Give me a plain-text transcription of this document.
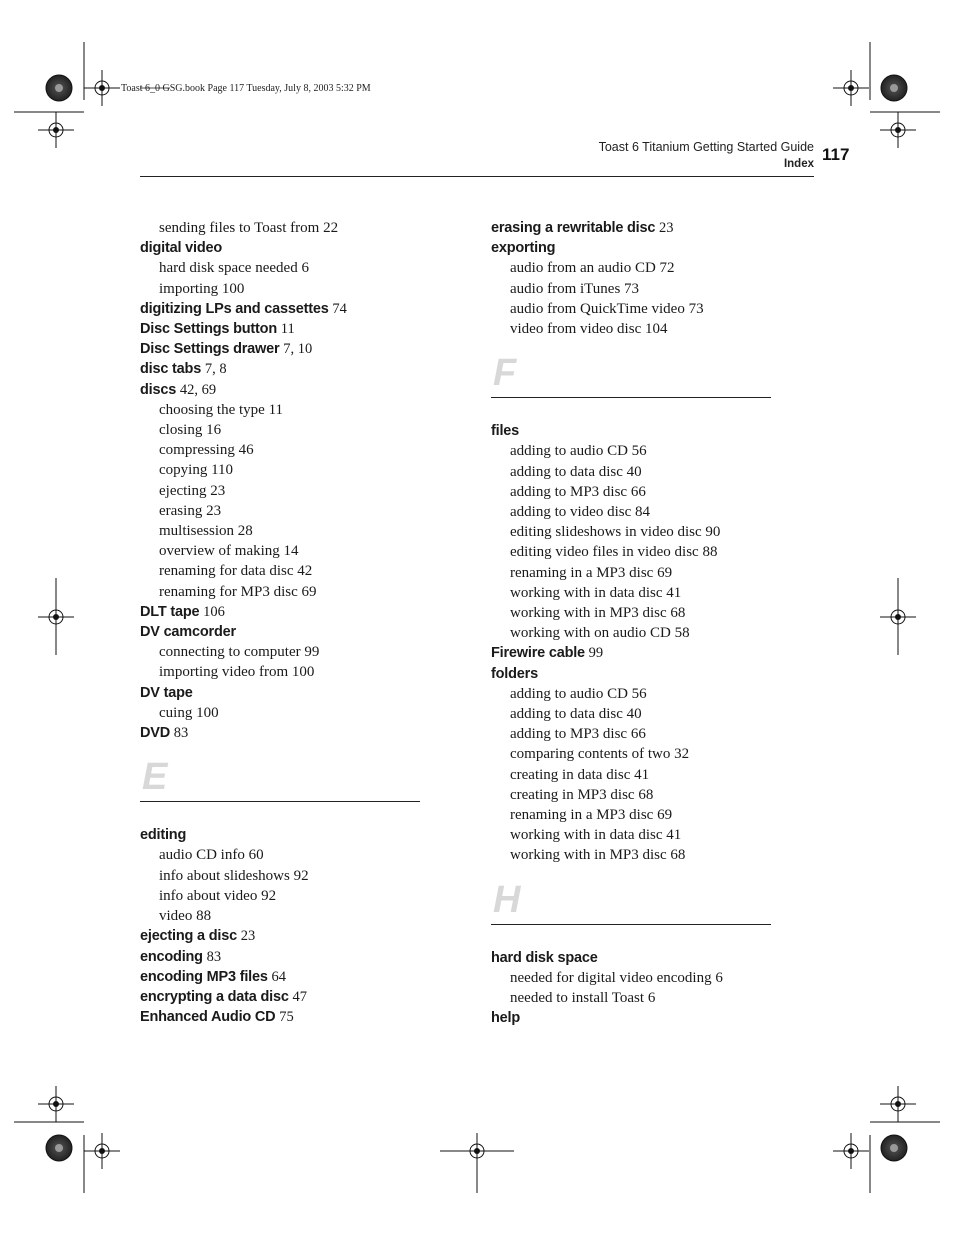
Toast 6_0 GSG.book Page 117 Tuesday, July 8, 2003 5:32 PM
Toast 6 Titanium Getting Started Guide
Index 117
sending files to Toast from 22
digital video
hard disk space needed 6
importing 100
digitizing LPs and cassettes 74
Disc Settings button 11
Disc Settings drawer 7, 10
disc tabs 7, 8
discs 42, 69
choosing the type 11
closing 16
compressing 46
copying 110
ejecting 23
erasing 23
multisession 28
overview of making 14
renaming for data disc 42
renaming for MP3 disc 69
DLT tape 106
DV camcorder
connecting to computer 99
importing video from 100
DV tape
cuing 100
DVD 83
E
editing
audio CD info 60
info about slideshows 92
info about video 92
video 88
ejecting a disc 23
encoding 83
encoding MP3 files 64
encrypting a data disc 47
Enhanced Audio CD 75
erasing a rewritable disc 23
exporting
audio from an audio CD 72
audio from iTunes 73
audio from QuickTime video 73
video from video disc 104
F
files
adding to audio CD 56
adding to data disc 40
adding to MP3 disc 66
adding to video disc 84
editing slideshows in video disc 90
editing video files in video disc 88
renaming in a MP3 disc 69
working with in data disc 41
working with in MP3 disc 68
working with on audio CD 58
Firewire cable 99
folders
adding to audio CD 56
adding to data disc 40
adding to MP3 disc 66
comparing contents of two 32
creating in data disc 41
creating in MP3 disc 68
renaming in a MP3 disc 69
working with in data disc 41
working with in MP3 disc 68
H
hard disk space
needed for digital video encoding 6
needed to install Toast 6
help
